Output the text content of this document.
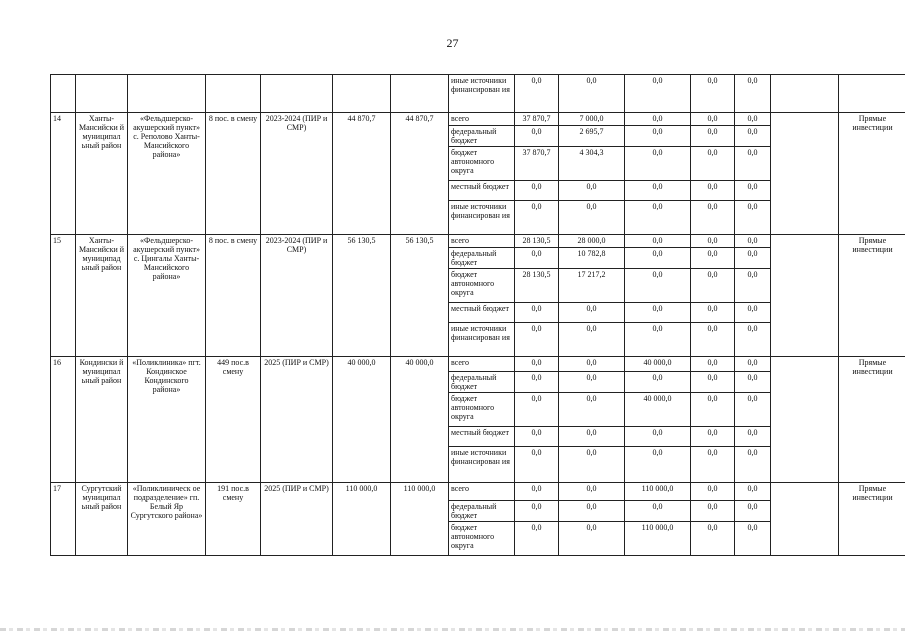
27
							иные источники финансирован ия	0,0	0,0	0,0	0,0	0,0			
14	Ханты-Мансийски й муниципал ьный район	«Фельдшерско-акушерский пункт» с. Реполово Ханты-Мансийского района»	8 пос. в смену	2023-2024 (ПИР и СМР)	44 870,7	44 870,7	всего	37 870,7	7 000,0	0,0	0,0	0,0		Прямые инвестиции	
							федеральный бюджет	0,0	2 695,7	0,0	0,0	0,0			
							бюджет автономного округа	37 870,7	4 304,3	0,0	0,0	0,0			
							местный бюджет	0,0	0,0	0,0	0,0	0,0			
							иные источники финансирован ия	0,0	0,0	0,0	0,0	0,0			
15	Ханты-Мансийски й муниципад ьный район	«Фельдшерско-акушерский пункт» с. Цингалы Ханты-Мансийского района»	8 пос. в смену	2023-2024 (ПИР и СМР)	56 130,5	56 130,5	всего	28 130,5	28 000,0	0,0	0,0	0,0		Прямые инвестиции	
							федеральный бюджет	0,0	10 782,8	0,0	0,0	0,0			
							бюджет автономного округа	28 130,5	17 217,2	0,0	0,0	0,0			
							местный бюджет	0,0	0,0	0,0	0,0	0,0			
							иные источники финансирован ия	0,0	0,0	0,0	0,0	0,0			
16	Кондински й муниципал ьный район	«Поликлиника» пгт. Кондинское Кондинского района»	449 пос.в смену	2025 (ПИР и СМР)	40 000,0	40 000,0	всего	0,0	0,0	40 000,0	0,0	0,0		Прямые инвестиции	
							федеральный бюджет	0,0	0,0	0,0	0,0	0,0			
							бюджет автономного округа	0,0	0,0	40 000,0	0,0	0,0			
							местный бюджет	0,0	0,0	0,0	0,0	0,0			
							иные источники финансирован ия	0,0	0,0	0,0	0,0	0,0			
17	Сургутский муниципал ьный район	«Поликлиническ ое подразделение» гп. Белый Яр Сургутского района»	191 пос.в смену	2025 (ПИР и СМР)	110 000,0	110 000,0	всего	0,0	0,0	110 000,0	0,0	0,0		Прямые инвестиции	
							федеральный бюджет	0,0	0,0	0,0	0,0	0,0			
							бюджет автономного округа	0,0	0,0	110 000,0	0,0	0,0			
